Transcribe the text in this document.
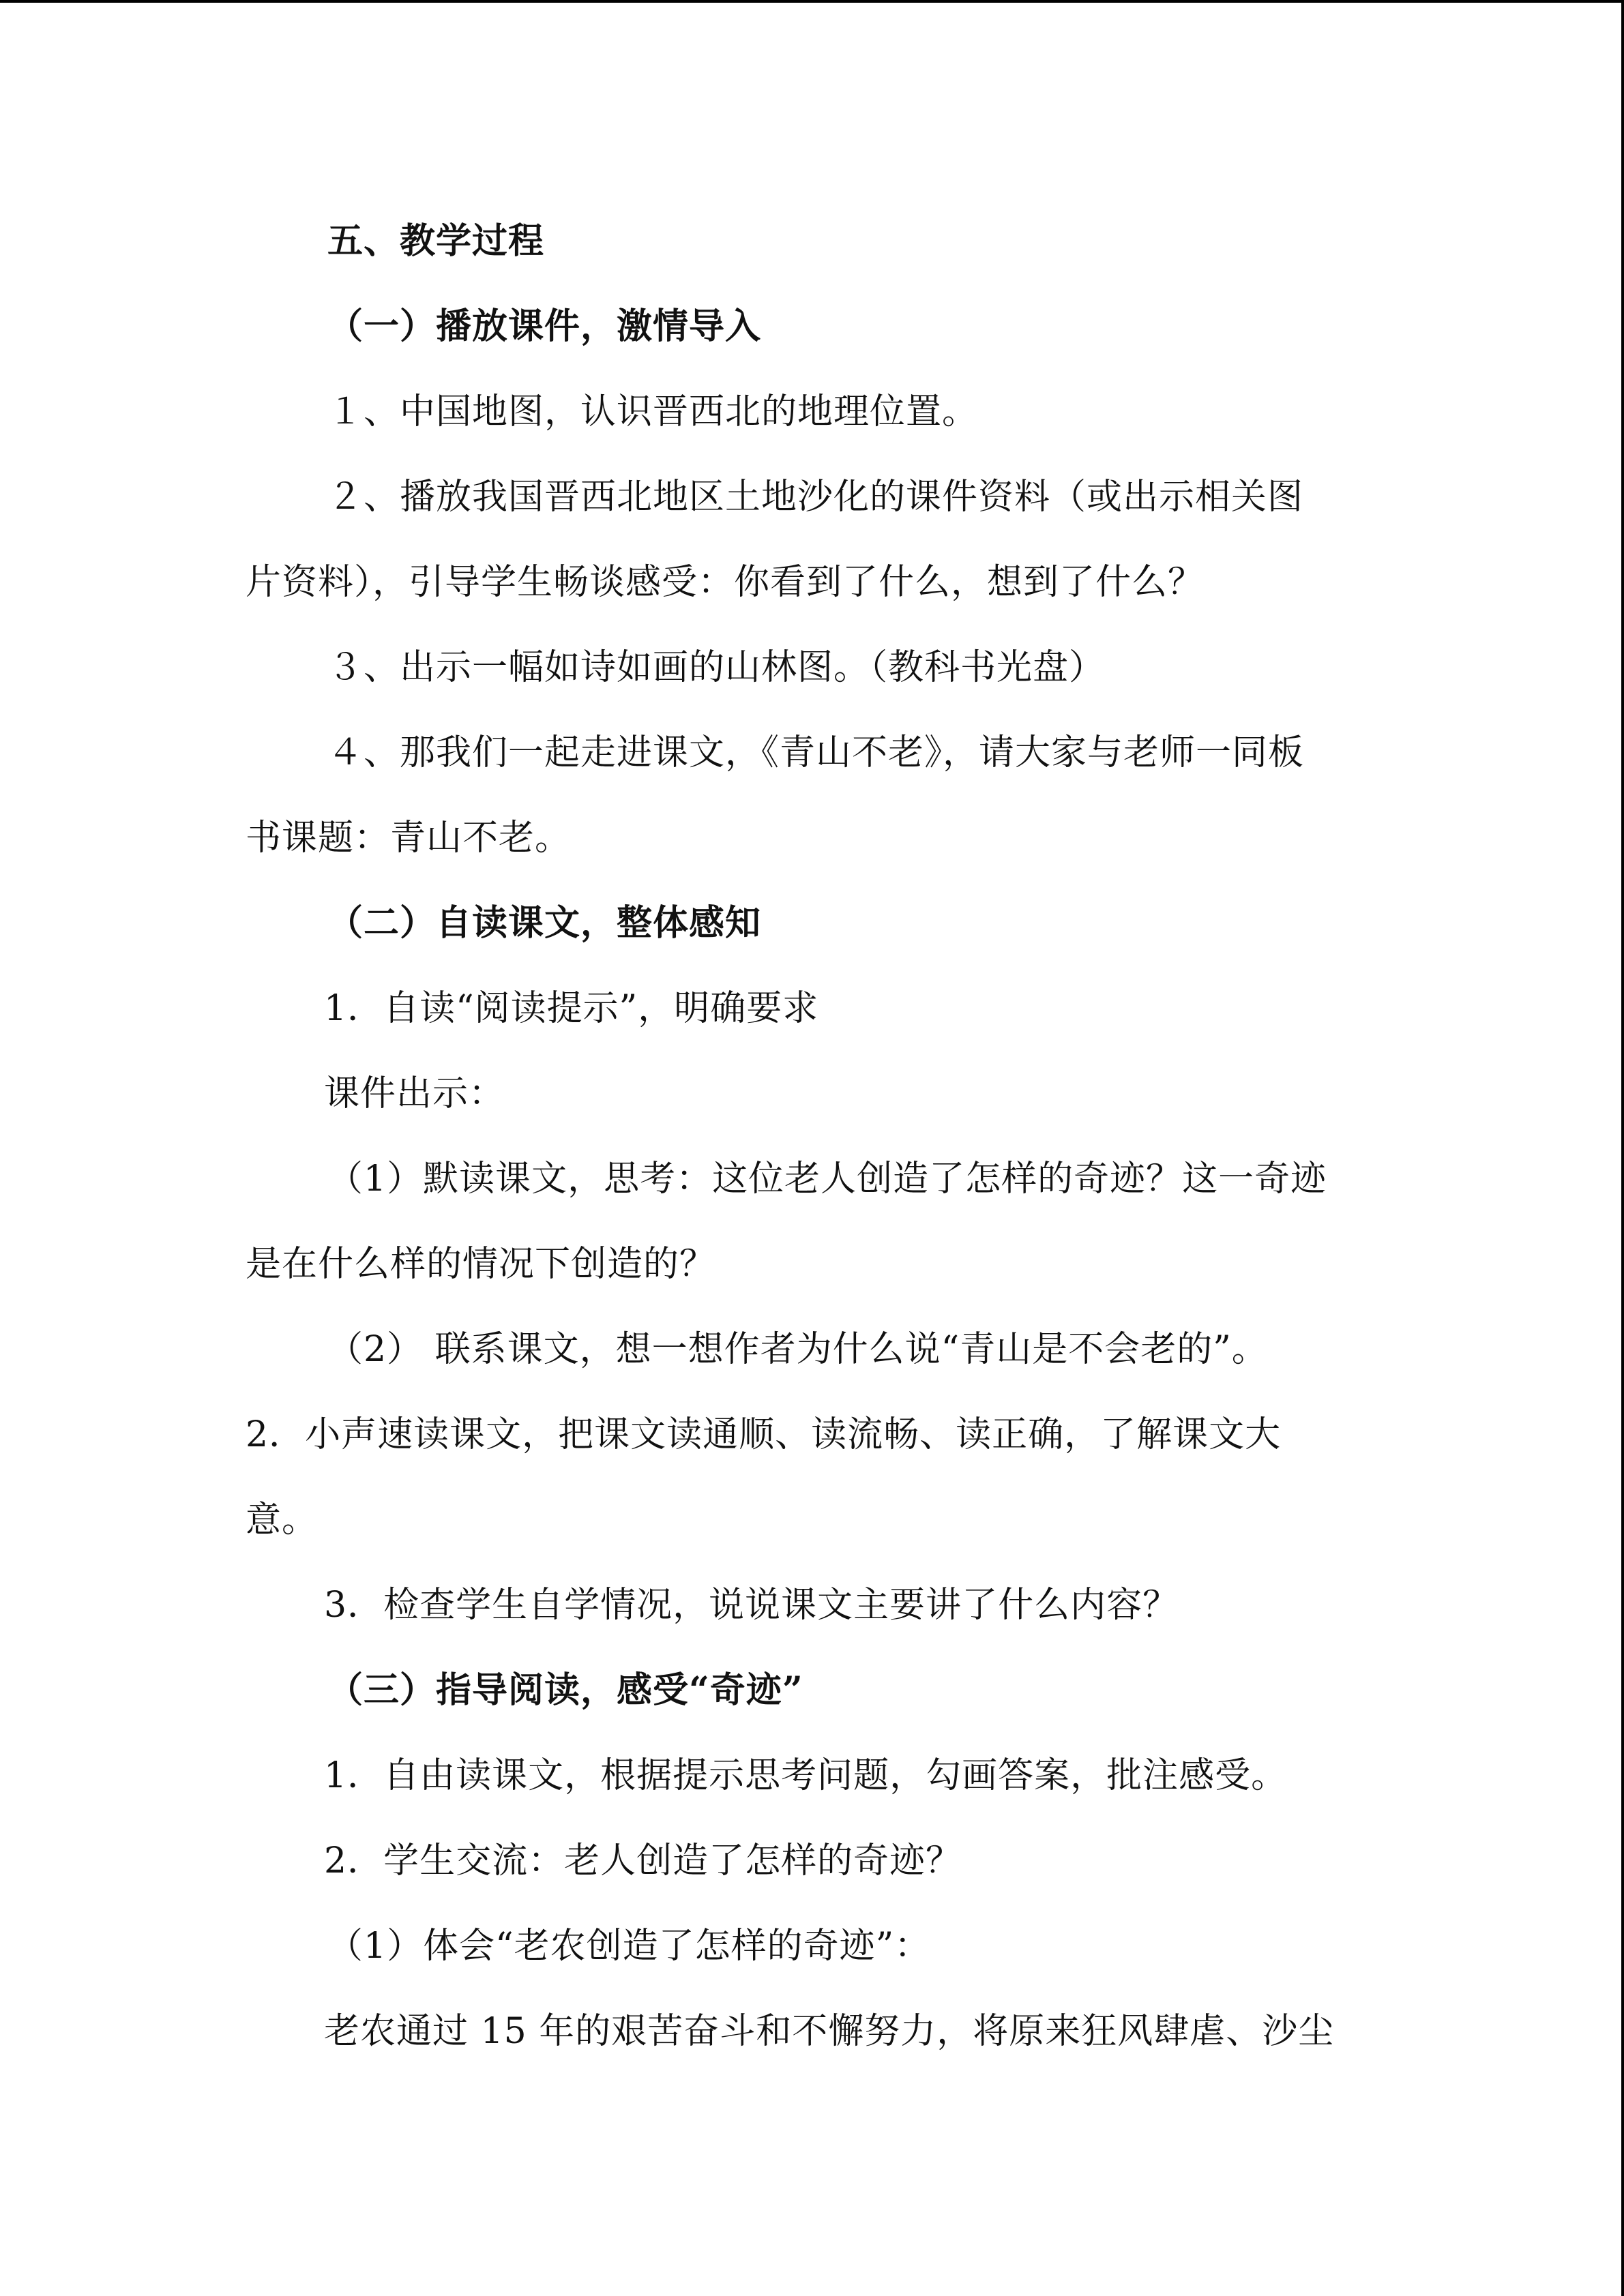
五、教学过程
（一）播放课件，激情导入
１、中国地图，认识晋西北的地理位置。
２、播放我国晋西北地区土地沙化的课件资料（或出示相关图
片资料），引导学生畅谈感受：你看到了什么，想到了什么？
３、出示一幅如诗如画的山林图。（教科书光盘）
４、那我们一起走进课文，《青山不老》，请大家与老师一同板
书课题：青山不老。
（二）自读课文，整体感知
1．自读“阅读提示”，明确要求
课件出示：
（1）默读课文，思考：这位老人创造了怎样的奇迹？这一奇迹
是在什么样的情况下创造的？
（2） 联系课文，想一想作者为什么说“青山是不会老的”。
2．小声速读课文，把课文读通顺、读流畅、读正确，了解课文大
意。
3．检查学生自学情况，说说课文主要讲了什么内容？
（三）指导阅读，感受“奇迹”
1．自由读课文，根据提示思考问题，勾画答案，批注感受。
2．学生交流：老人创造了怎样的奇迹？
（1）体会“老农创造了怎样的奇迹”：
老农通过 15 年的艰苦奋斗和不懈努力，将原来狂风肆虐、沙尘
